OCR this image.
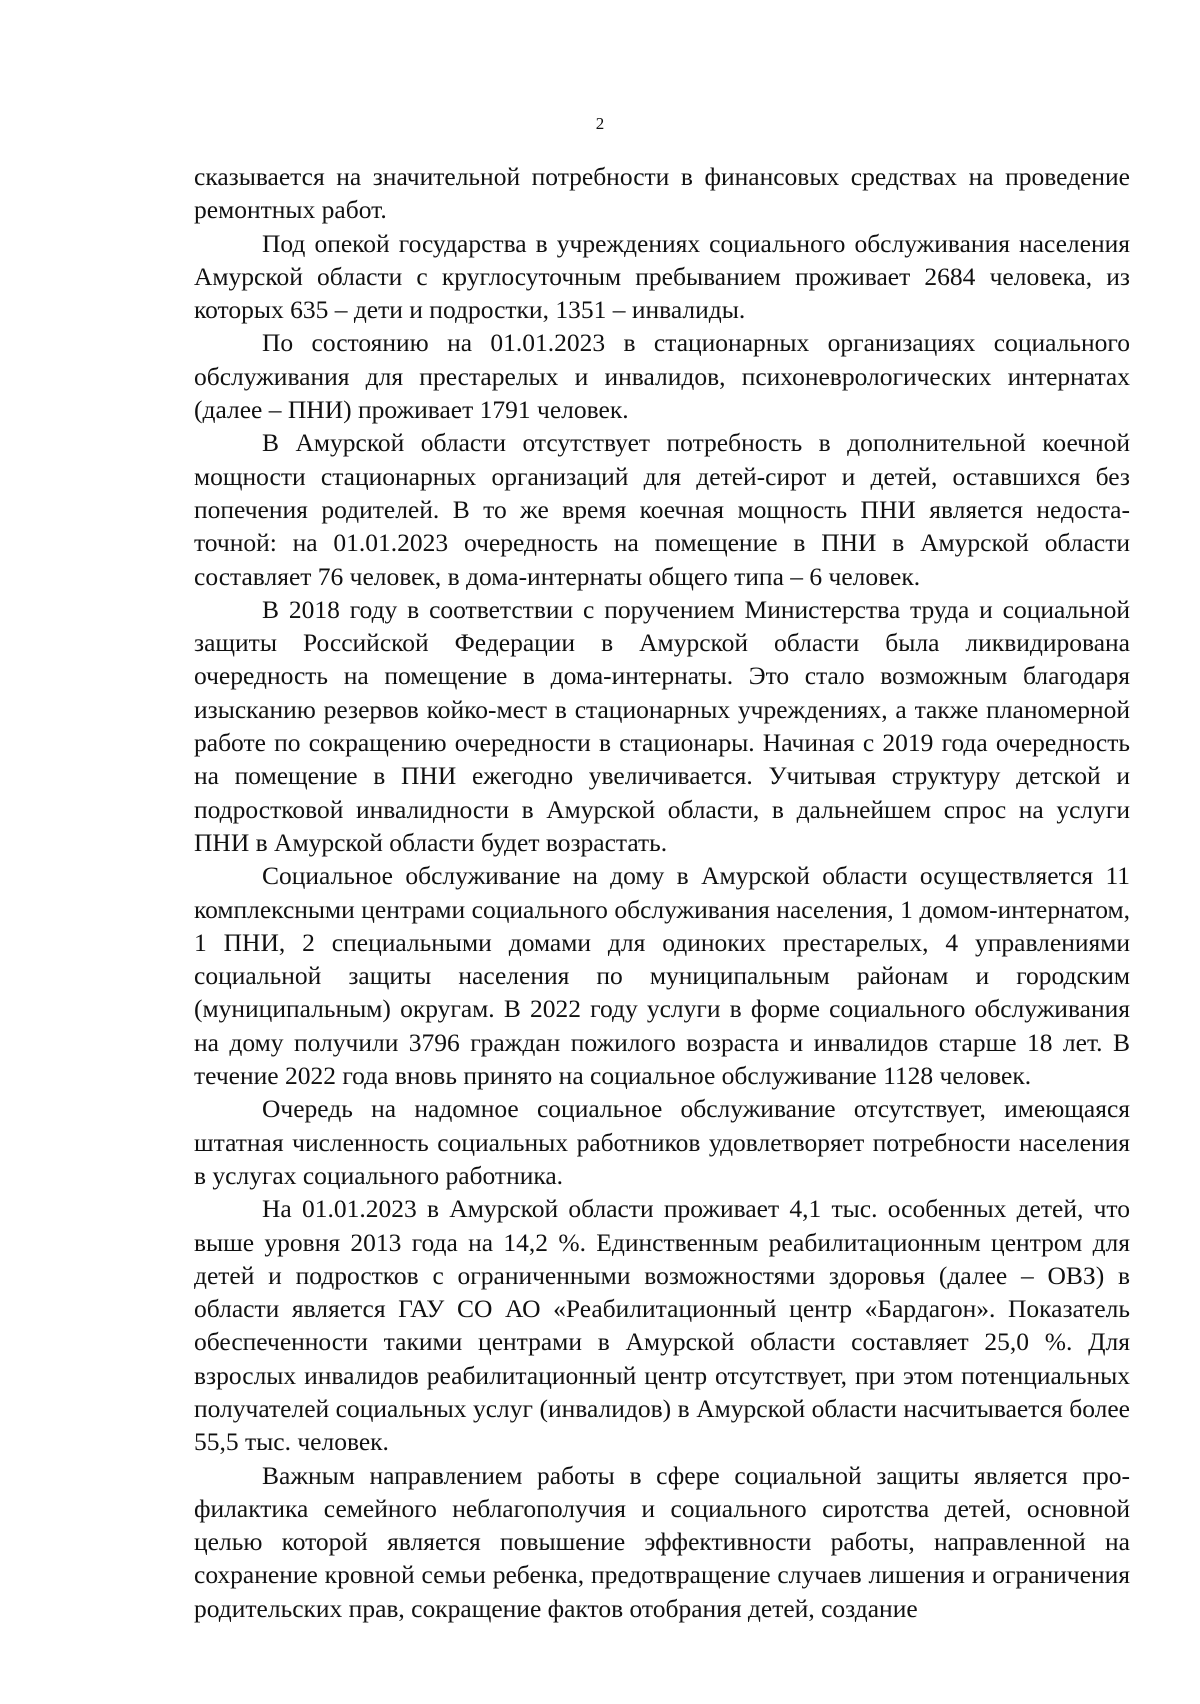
2

сказывается на значительной потребности в финансовых средствах на проведение ремонтных работ.

Под опекой государства в учреждениях социального обслуживания населения Амурской области с круглосуточным пребыванием проживает 2684 человека, из которых 635 – дети и подростки, 1351 – инвалиды.

По состоянию на 01.01.2023 в стационарных организациях социального обслуживания для престарелых и инвалидов, психоневрологических интернатах (далее – ПНИ) проживает 1791 человек.

В Амурской области отсутствует потребность в дополнительной коечной мощности стационарных организаций для детей-сирот и детей, оставшихся без попечения родителей. В то же время коечная мощность ПНИ является недостаточной: на 01.01.2023 очередность на помещение в ПНИ в Амурской области составляет 76 человек, в дома-интернаты общего типа – 6 человек.

В 2018 году в соответствии с поручением Министерства труда и социальной защиты Российской Федерации в Амурской области была ликвидирована очередность на помещение в дома-интернаты. Это стало возможным благодаря изысканию резервов койко-мест в стационарных учреждениях, а также планомерной работе по сокращению очередности в стационары. Начиная с 2019 года очередность на помещение в ПНИ ежегодно увеличивается. Учитывая структуру детской и подростковой инвалидности в Амурской области, в дальнейшем спрос на услуги ПНИ в Амурской области будет возрастать.

Социальное обслуживание на дому в Амурской области осуществляется 11 комплексными центрами социального обслуживания населения, 1 домом-интернатом, 1 ПНИ, 2 специальными домами для одиноких престарелых, 4 управлениями социальной защиты населения по муниципальным районам и городским (муниципальным) округам. В 2022 году услуги в форме социального обслуживания на дому получили 3796 граждан пожилого возраста и инвалидов старше 18 лет. В течение 2022 года вновь принято на социальное обслуживание 1128 человек.

Очередь на надомное социальное обслуживание отсутствует, имеющаяся штатная численность социальных работников удовлетворяет потребности населения в услугах социального работника.

На 01.01.2023 в Амурской области проживает 4,1 тыс. особенных детей, что выше уровня 2013 года на 14,2 %. Единственным реабилитационным центром для детей и подростков с ограниченными возможностями здоровья (далее – ОВЗ) в области является ГАУ СО АО «Реабилитационный центр «Бардагон». Показатель обеспеченности такими центрами в Амурской области составляет 25,0 %. Для взрослых инвалидов реабилитационный центр отсутствует, при этом потенциальных получателей социальных услуг (инвалидов) в Амурской области насчитывается более 55,5 тыс. человек.

Важным направлением работы в сфере социальной защиты является профилактика семейного неблагополучия и социального сиротства детей, основной целью которой является повышение эффективности работы, направленной на сохранение кровной семьи ребенка, предотвращение случаев лишения и ограничения родительских прав, сокращение фактов отобрания детей, создание
